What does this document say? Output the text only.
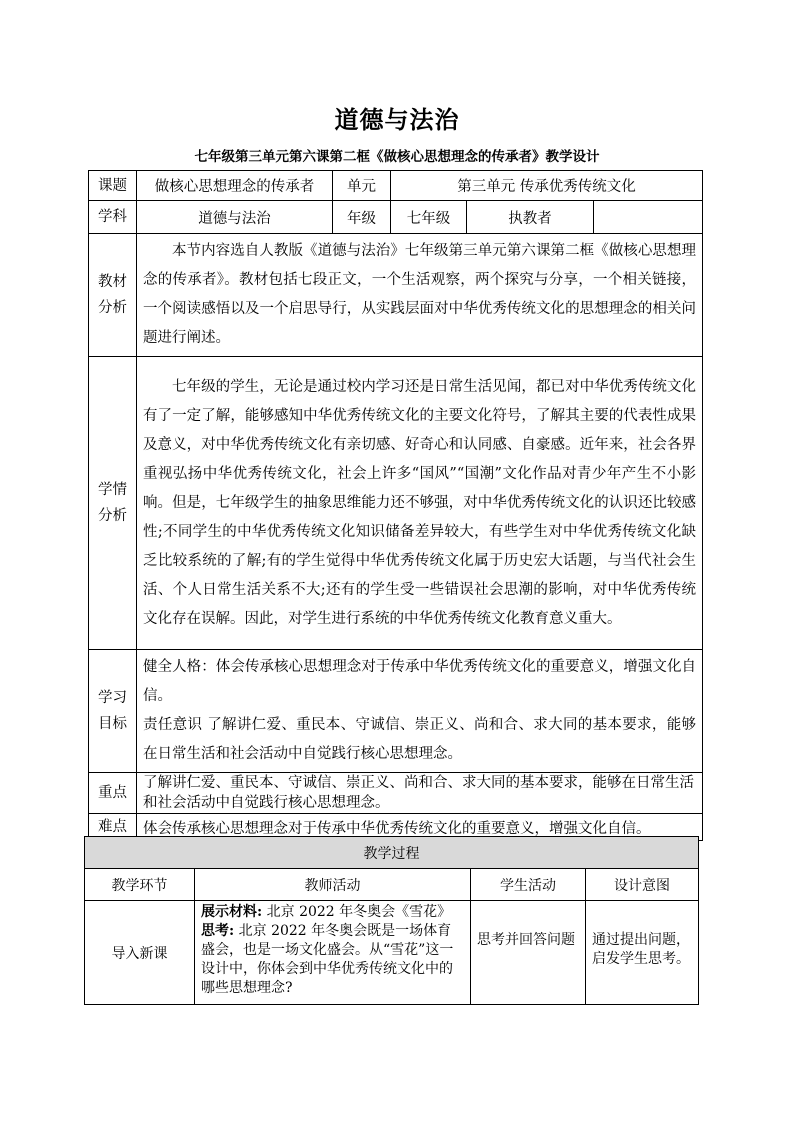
道德与法治
七年级第三单元第六课第二框《做核心思想理念的传承者》教学设计
课题	做核心思想理念的传承者	单元	第三单元 传承优秀传统文化		
学科	道德与法治	年级	七年级	执教者	

教材分析	本节内容选自人教版《道德与法治》七年级第三单元第六课第二框《做核心思想理念的传承者》。教材包括七段正文，一个生活观察，两个探究与分享，一个相关链接，一个阅读感悟以及一个启思导行，从实践层面对中华优秀传统文化的思想理念的相关问题进行阐述。				

学情分析	七年级的学生，无论是通过校内学习还是日常生活见闻，都已对中华优秀传统文化有了一定了解，能够感知中华优秀传统文化的主要文化符号，了解其主要的代表性成果及意义，对中华优秀传统文化有亲切感、好奇心和认同感、自豪感。近年来，社会各界重视弘扬中华优秀传统文化，社会上许多“国风”“国潮”文化作品对青少年产生不小影响。但是，七年级学生的抽象思维能力还不够强，对中华优秀传统文化的认识还比较感性;不同学生的中华优秀传统文化知识储备差异较大，有些学生对中华优秀传统文化缺乏比较系统的了解;有的学生觉得中华优秀传统文化属于历史宏大话题，与当代社会生活、个人日常生活关系不大;还有的学生受一些错误社会思潮的影响，对中华优秀传统文化存在误解。因此，对学生进行系统的中华优秀传统文化教育意义重大。				

学习目标	健全人格：体会传承核心思想理念对于传承中华优秀传统文化的重要意义，增强文化自信。

责任意识 了解讲仁爱、重民本、守诚信、崇正义、尚和合、求大同的基本要求，能够在日常生活和社会活动中自觉践行核心思想理念。				

重点	了解讲仁爱、重民本、守诚信、崇正义、尚和合、求大同的基本要求，能够在日常生活和社会活动中自觉践行核心思想理念。				
难点	体会传承核心思想理念对于传承中华优秀传统文化的重要意义，增强文化自信。				
教学过程			
教学环节	教师活动	学生活动	设计意图
导入新课	展示材料: 北京 2022 年冬奥会《雪花》
思考: 北京 2022 年冬奥会既是一场体育盛会，也是一场文化盛会。从“雪花”这一设计中，你体会到中华优秀传统文化中的哪些思想理念?	思考并回答问题	通过提出问题，启发学生思考。
